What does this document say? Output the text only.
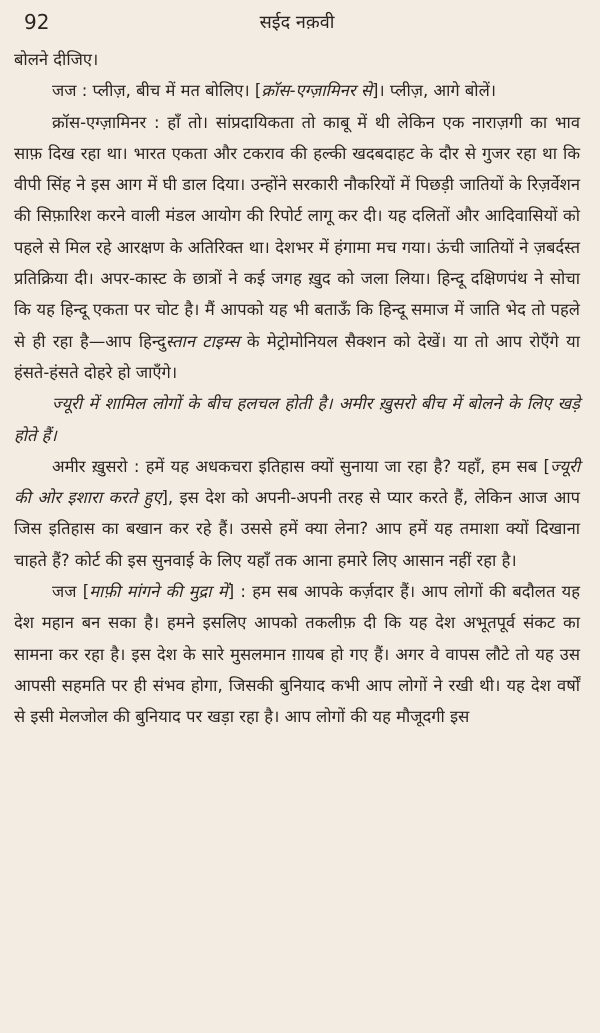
92	सईद नक़वी

बोलने दीजिए।

जज : प्लीज़, बीच में मत बोलिए। [क्रॉस-एग्ज़ामिनर से]। प्लीज़, आगे बोलें।

क्रॉस-एग्ज़ामिनर : हाँ तो। सांप्रदायिकता तो काबू में थी लेकिन एक नाराज़गी का भाव साफ़ दिख रहा था। भारत एकता और टकराव की हल्की खदबदाहट के दौर से गुजर रहा था कि वीपी सिंह ने इस आग में घी डाल दिया। उन्होंने सरकारी नौकरियों में पिछड़ी जातियों के रिज़र्वेशन की सिफ़ारिश करने वाली मंडल आयोग की रिपोर्ट लागू कर दी। यह दलितों और आदिवासियों को पहले से मिल रहे आरक्षण के अतिरिक्त था। देशभर में हंगामा मच गया। ऊंची जातियों ने ज़बर्दस्त प्रतिक्रिया दी। अपर-कास्ट के छात्रों ने कई जगह ख़ुद को जला लिया। हिन्दू दक्षिणपंथ ने सोचा कि यह हिन्दू एकता पर चोट है। मैं आपको यह भी बताऊँ कि हिन्दू समाज में जाति भेद तो पहले से ही रहा है—आप हिन्दुस्तान टाइम्स के मेट्रोमोनियल सैक्शन को देखें। या तो आप रोएँगे या हंसते-हंसते दोहरे हो जाएँगे।

ज्यूरी में शामिल लोगों के बीच हलचल होती है। अमीर ख़ुसरो बीच में बोलने के लिए खड़े होते हैं।

अमीर ख़ुसरो : हमें यह अधकचरा इतिहास क्यों सुनाया जा रहा है? यहाँ, हम सब [ज्यूरी की ओर इशारा करते हुए], इस देश को अपनी-अपनी तरह से प्यार करते हैं, लेकिन आज आप जिस इतिहास का बखान कर रहे हैं। उससे हमें क्या लेना? आप हमें यह तमाशा क्यों दिखाना चाहते हैं? कोर्ट की इस सुनवाई के लिए यहाँ तक आना हमारे लिए आसान नहीं रहा है।

जज [माफ़ी मांगने की मुद्रा में] : हम सब आपके कर्ज़दार हैं। आप लोगों की बदौलत यह देश महान बन सका है। हमने इसलिए आपको तकलीफ़ दी कि यह देश अभूतपूर्व संकट का सामना कर रहा है। इस देश के सारे मुसलमान ग़ायब हो गए हैं। अगर वे वापस लौटे तो यह उस आपसी सहमति पर ही संभव होगा, जिसकी बुनियाद कभी आप लोगों ने रखी थी। यह देश वर्षों से इसी मेलजोल की बुनियाद पर खड़ा रहा है। आप लोगों की यह मौजूदगी इस
